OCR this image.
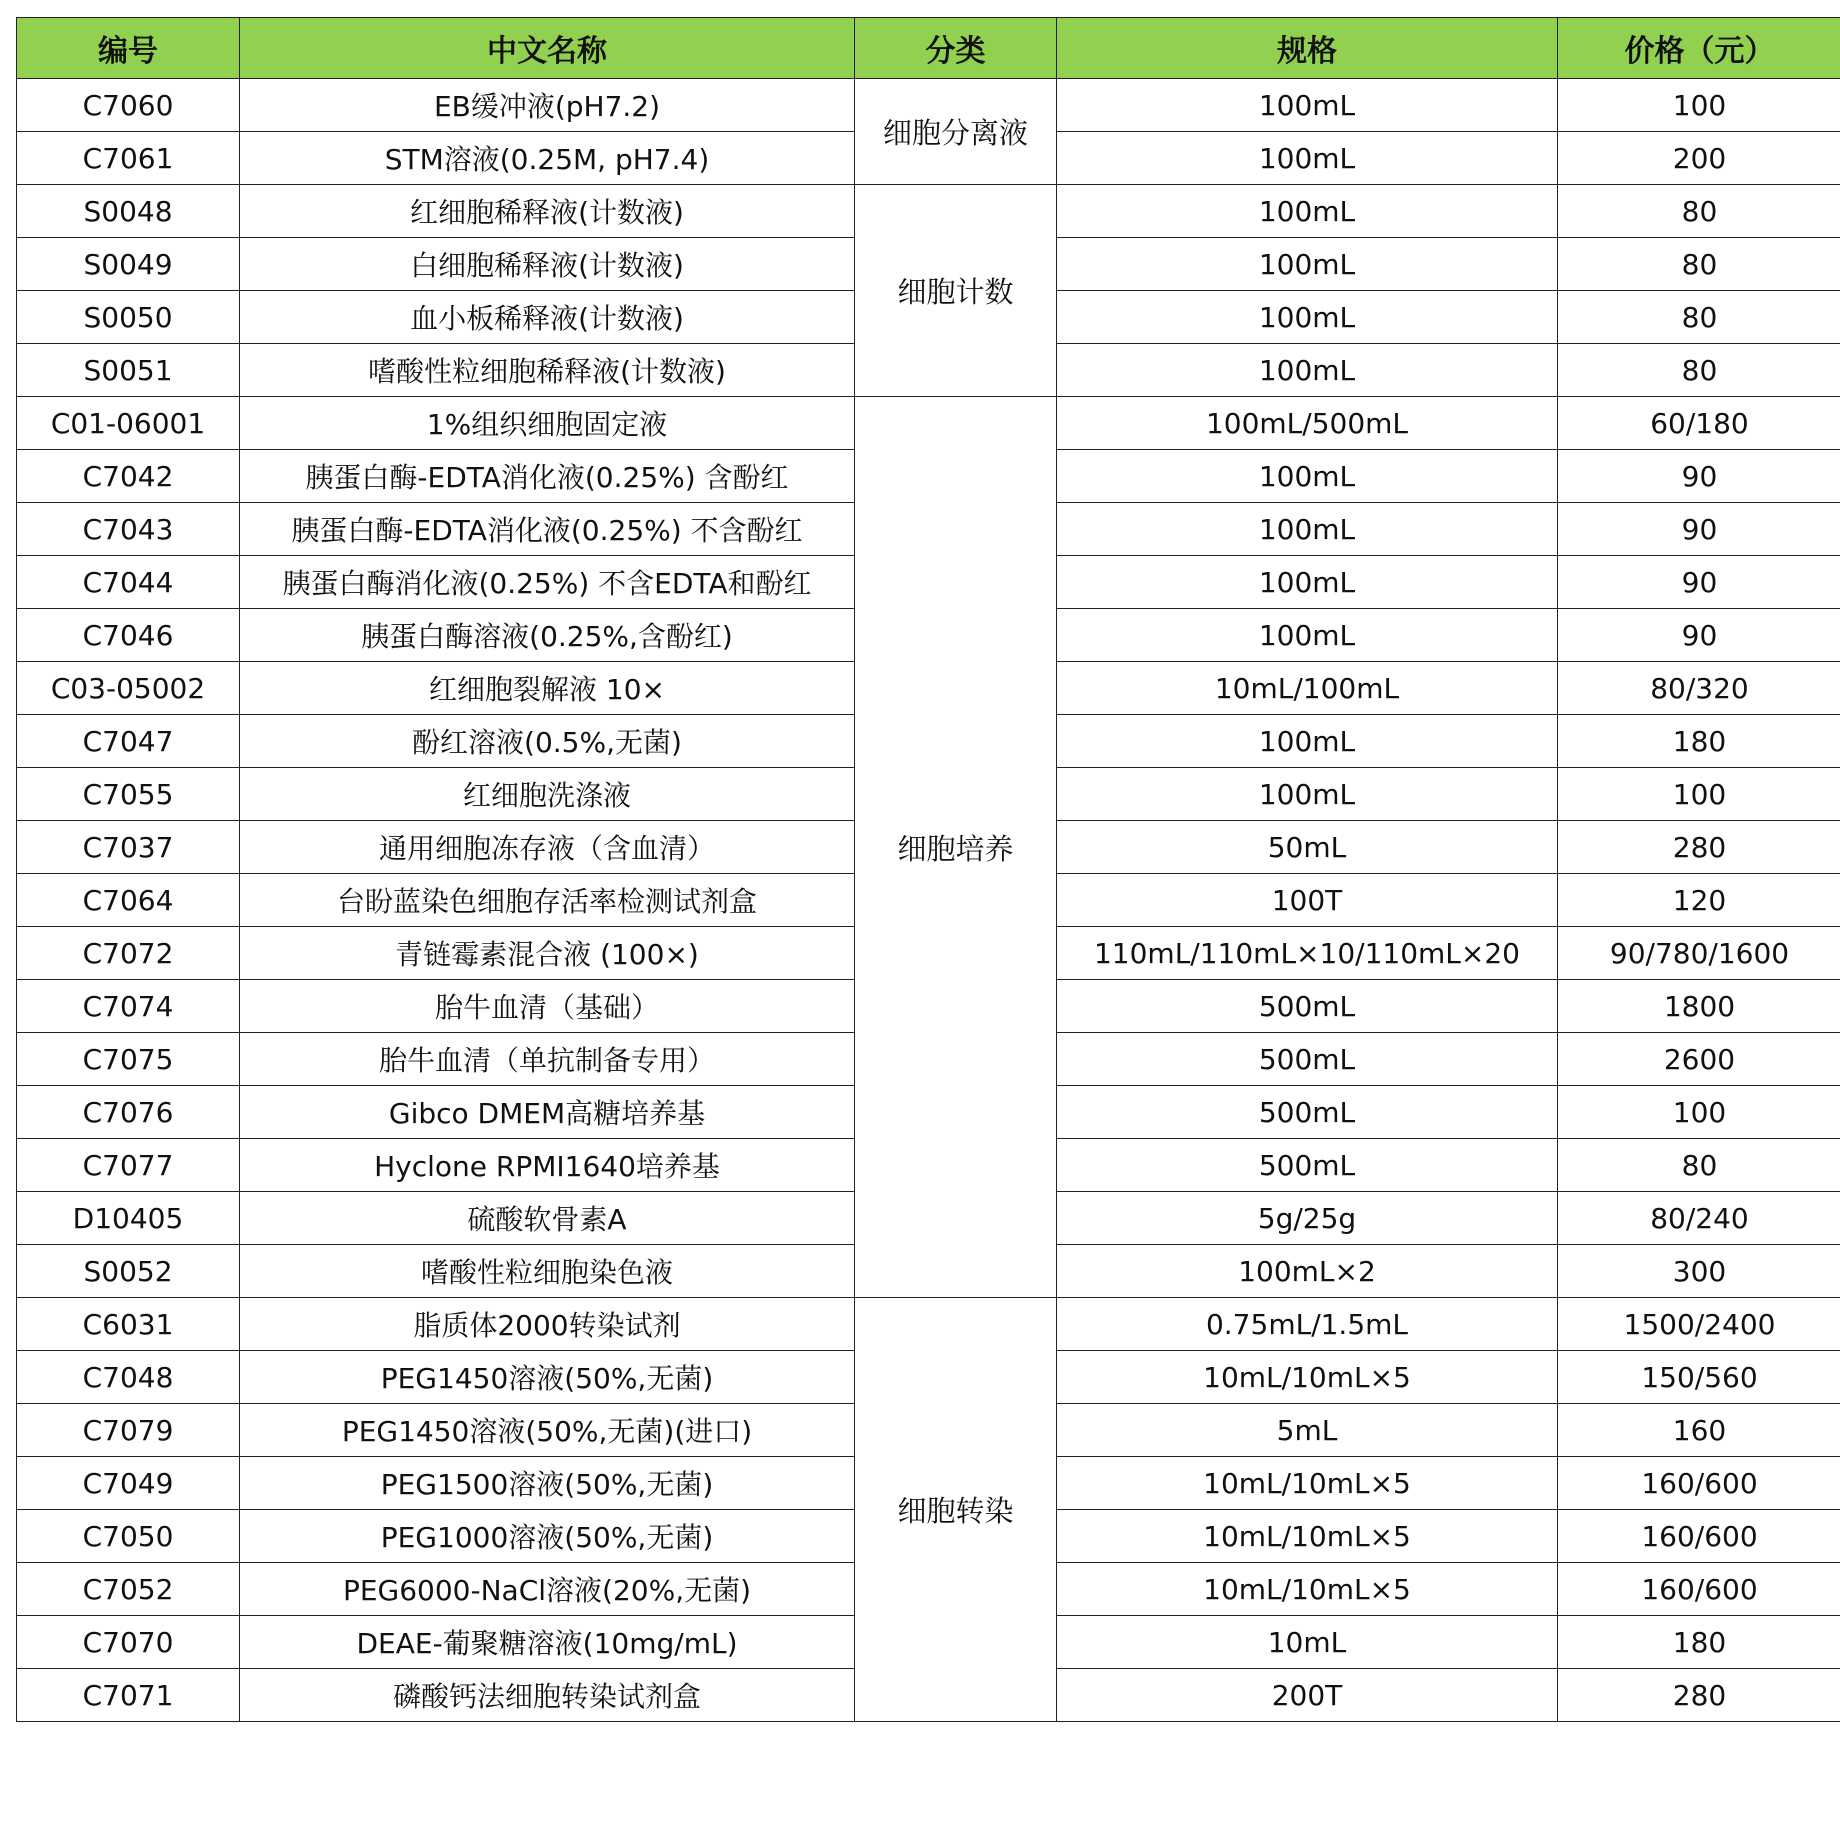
编号	中文名称	分类	规格	价格（元）
C7060	EB缓冲液(pH7.2)	细胞分离液	100mL	100
C7061	STM溶液(0.25M, pH7.4)		100mL	200
S0048	红细胞稀释液(计数液)	细胞计数	100mL	80
S0049	白细胞稀释液(计数液)		100mL	80
S0050	血小板稀释液(计数液)		100mL	80
S0051	嗜酸性粒细胞稀释液(计数液)		100mL	80
C01-06001	1%组织细胞固定液	细胞培养	100mL/500mL	60/180
C7042	胰蛋白酶-EDTA消化液(0.25%) 含酚红		100mL	90
C7043	胰蛋白酶-EDTA消化液(0.25%) 不含酚红		100mL	90
C7044	胰蛋白酶消化液(0.25%) 不含EDTA和酚红		100mL	90
C7046	胰蛋白酶溶液(0.25%,含酚红)		100mL	90
C03-05002	红细胞裂解液 10×		10mL/100mL	80/320
C7047	酚红溶液(0.5%,无菌)		100mL	180
C7055	红细胞洗涤液		100mL	100
C7037	通用细胞冻存液（含血清）		50mL	280
C7064	台盼蓝染色细胞存活率检测试剂盒		100T	120
C7072	青链霉素混合液 (100×)		110mL/110mL×10/110mL×20	90/780/1600
C7074	胎牛血清（基础）		500mL	1800
C7075	胎牛血清（单抗制备专用）		500mL	2600
C7076	Gibco DMEM高糖培养基		500mL	100
C7077	Hyclone RPMI1640培养基		500mL	80
D10405	硫酸软骨素A		5g/25g	80/240
S0052	嗜酸性粒细胞染色液		100mL×2	300
C6031	脂质体2000转染试剂	细胞转染	0.75mL/1.5mL	1500/2400
C7048	PEG1450溶液(50%,无菌)		10mL/10mL×5	150/560
C7079	PEG1450溶液(50%,无菌)(进口)		5mL	160
C7049	PEG1500溶液(50%,无菌)		10mL/10mL×5	160/600
C7050	PEG1000溶液(50%,无菌)		10mL/10mL×5	160/600
C7052	PEG6000-NaCl溶液(20%,无菌)		10mL/10mL×5	160/600
C7070	DEAE-葡聚糖溶液(10mg/mL)		10mL	180
C7071	磷酸钙法细胞转染试剂盒		200T	280
